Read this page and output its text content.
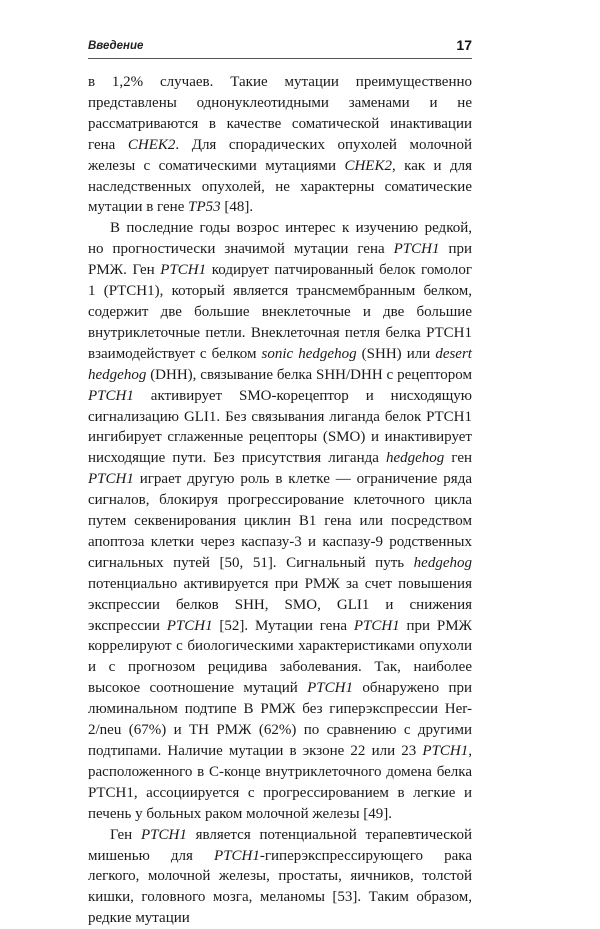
Введение	17

в 1,2% случаев. Такие мутации преимущественно представлены однонуклеотидными заменами и не рассматриваются в качестве соматической инактивации гена CHEK2. Для спорадических опухолей молочной железы с соматическими мутациями CHEK2, как и для наследственных опухолей, не характерны соматические мутации в гене TP53 [48].

В последние годы возрос интерес к изучению редкой, но прогностически значимой мутации гена PTCH1 при РМЖ. Ген PTCH1 кодирует патчированный белок гомолог 1 (PTCH1), который является трансмембранным белком, содержит две большие внеклеточные и две большие внутриклеточные петли. Внеклеточная петля белка PTCH1 взаимодействует с белком sonic hedgehog (SHH) или desert hedgehog (DHH), связывание белка SHH/DHH с рецептором PTCH1 активирует SMO-корецептор и нисходящую сигнализацию GLI1. Без связывания лиганда белок PTCH1 ингибирует сглаженные рецепторы (SMO) и инактивирует нисходящие пути. Без присутствия лиганда hedgehog ген PTCH1 играет другую роль в клетке — ограничение ряда сигналов, блокируя прогрессирование клеточного цикла путем секвенирования циклин B1 гена или посредством апоптоза клетки через каспазу-3 и каспазу-9 родственных сигнальных путей [50, 51]. Сигнальный путь hedgehog потенциально активируется при РМЖ за счет повышения экспрессии белков SHH, SMO, GLI1 и снижения экспрессии PTCH1 [52]. Мутации гена PTCH1 при РМЖ коррелируют с биологическими характеристиками опухоли и с прогнозом рецидива заболевания. Так, наиболее высокое соотношение мутаций PTCH1 обнаружено при люминальном подтипе B РМЖ без гиперэкспрессии Her-2/neu (67%) и ТН РМЖ (62%) по сравнению с другими подтипами. Наличие мутации в экзоне 22 или 23 PTCH1, расположенного в C-конце внутриклеточного домена белка PTCH1, ассоциируется с прогрессированием в легкие и печень у больных раком молочной железы [49].

Ген PTCH1 является потенциальной терапевтической мишенью для PTCH1-гиперэкспрессирующего рака легкого, молочной железы, простаты, яичников, толстой кишки, головного мозга, меланомы [53]. Таким образом, редкие мутации
